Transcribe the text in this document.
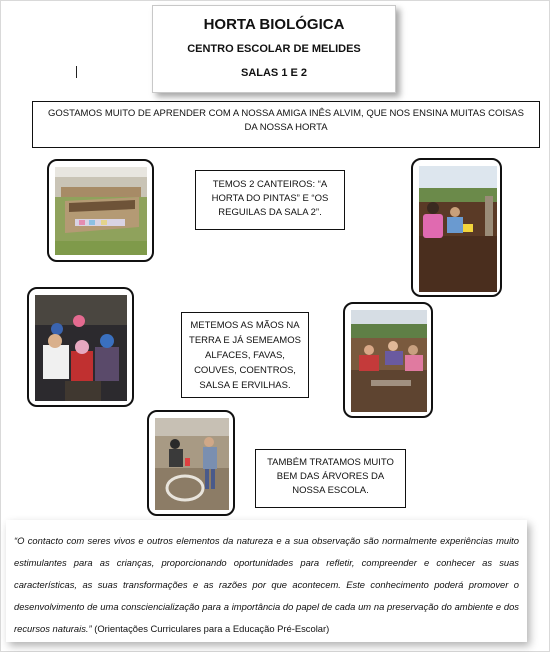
HORTA BIOLÓGICA
CENTRO ESCOLAR DE MELIDES
SALAS 1 E 2
GOSTAMOS MUITO DE APRENDER COM A NOSSA AMIGA INÊS ALVIM, QUE NOS ENSINA MUITAS COISAS DA NOSSA HORTA
TEMOS 2 CANTEIROS: “A HORTA DO PINTAS” E “OS REGUILAS DA SALA 2”.
METEMOS AS MÃOS NA TERRA E JÁ SEMEAMOS ALFACES, FAVAS, COUVES, COENTROS, SALSA E ERVILHAS.
TAMBÉM TRATAMOS MUITO BEM DAS ÁRVORES DA NOSSA ESCOLA.
“O contacto com seres vivos e outros elementos da natureza e a sua observação são normalmente experiências muito estimulantes para as crianças, proporcionando oportunidades para refletir, compreender e conhecer as suas características, as suas transformações e as razões por que acontecem. Este conhecimento poderá promover o desenvolvimento de uma consciencialização para a importância do papel de cada um na preservação do ambiente e dos recursos naturais.” (Orientações Curriculares para a Educação Pré-Escolar)
